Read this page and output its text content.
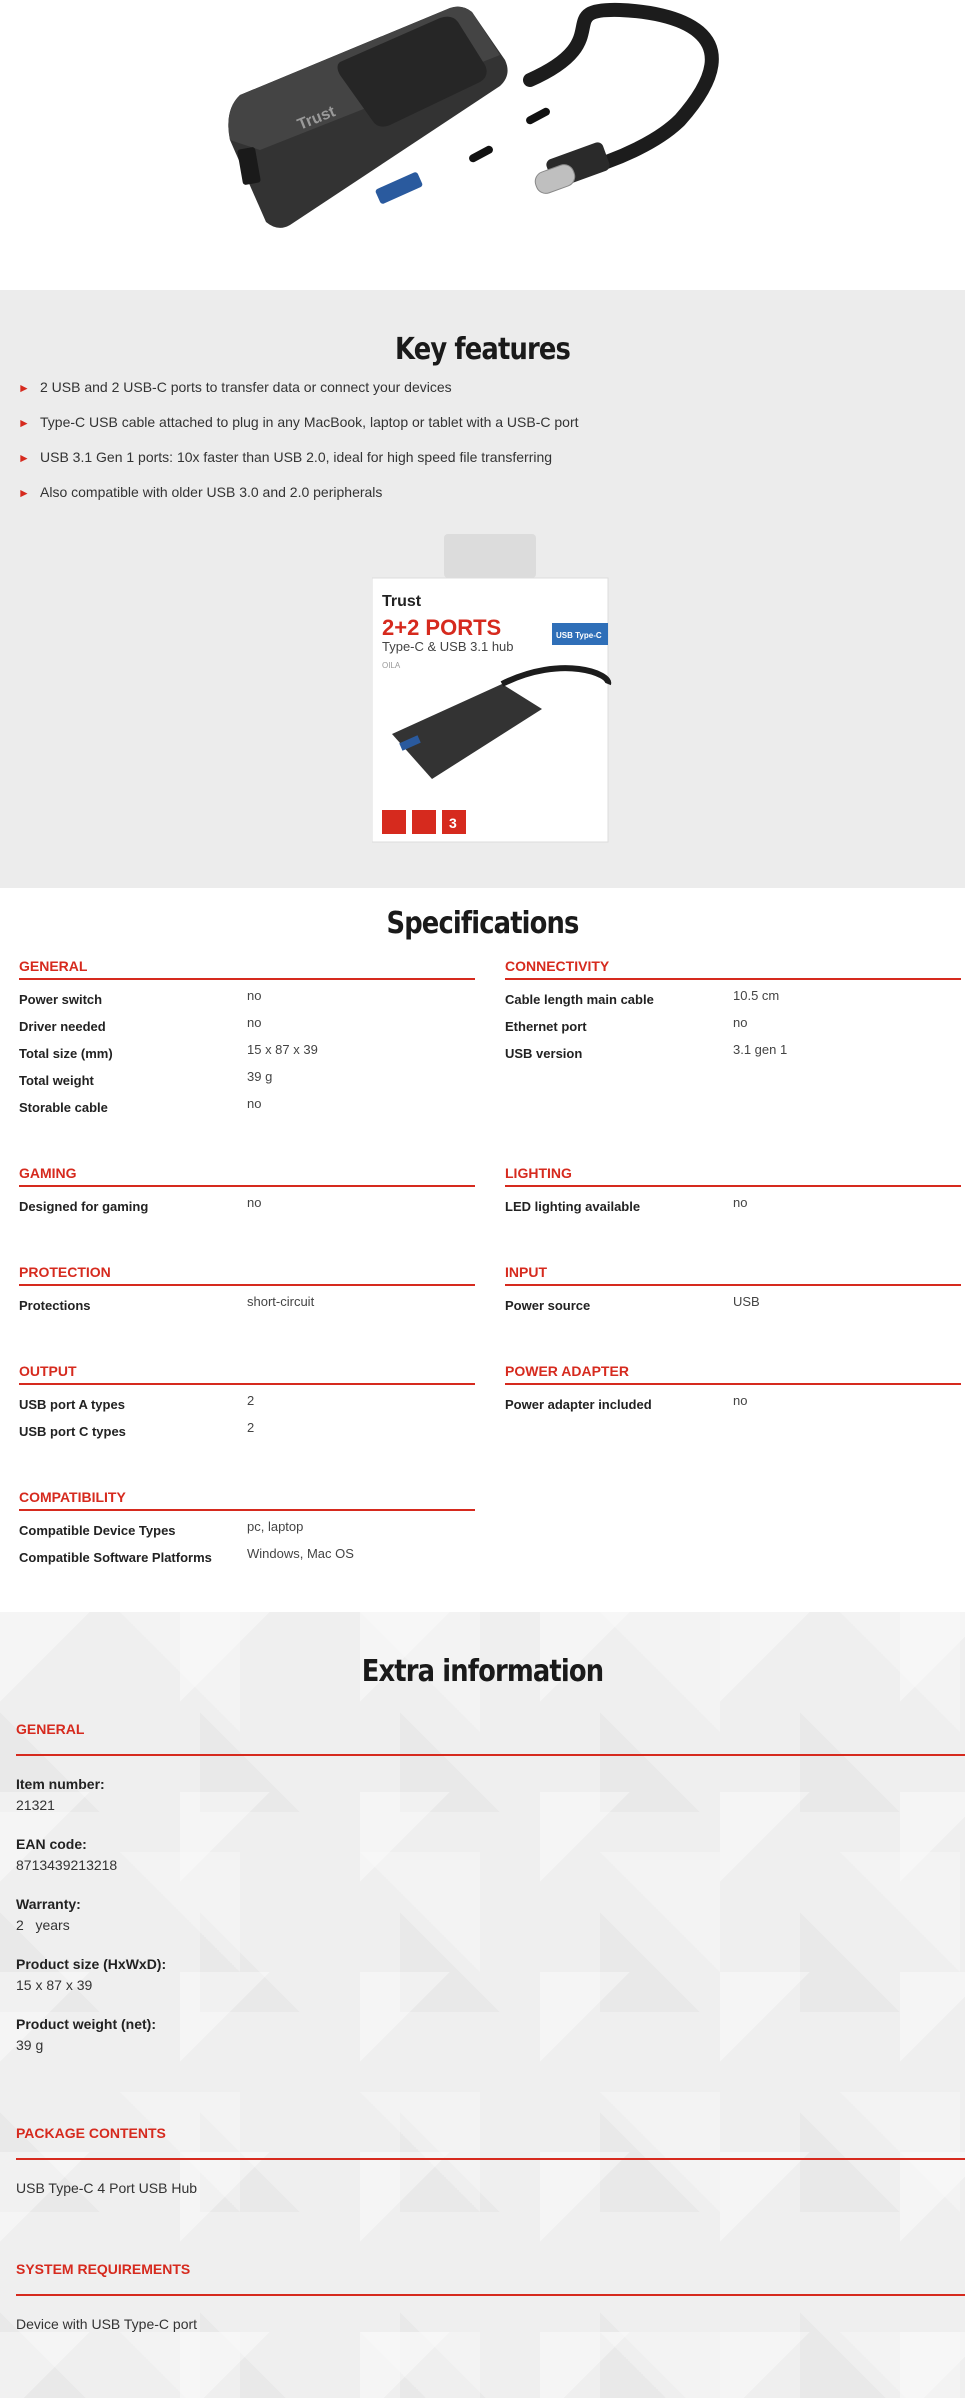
Trust
Key features
► 2 USB and 2 USB-C ports to transfer data or connect your devices
► Type-C USB cable attached to plug in any MacBook, laptop or tablet with a USB-C port
► USB 3.1 Gen 1 ports: 10x faster than USB 2.0, ideal for high speed file transferring
► Also compatible with older USB 3.0 and 2.0 peripherals
Trust
2+2 PORTS
Type-C & USB 3.1 hub
OILA
USB Type-C
3
Specifications
GENERAL
Power switch	no
Driver needed	no
Total size (mm)	15 x 87 x 39
Total weight	39 g
Storable cable	no
CONNECTIVITY
Cable length main cable	10.5 cm
Ethernet port	no
USB version	3.1 gen 1
GAMING
Designed for gaming	no
LIGHTING
LED lighting available	no
PROTECTION
Protections	short-circuit
INPUT
Power source	USB
OUTPUT
USB port A types	2
USB port C types	2
POWER ADAPTER
Power adapter included	no
COMPATIBILITY
Compatible Device Types	pc, laptop
Compatible Software Platforms	Windows, Mac OS
Extra information
GENERAL
Item number:
21321
EAN code:
8713439213218
Warranty:
2   years
Product size (HxWxD):
15 x 87 x 39
Product weight (net):
39 g
PACKAGE CONTENTS
USB Type-C 4 Port USB Hub
SYSTEM REQUIREMENTS
Device with USB Type-C port
